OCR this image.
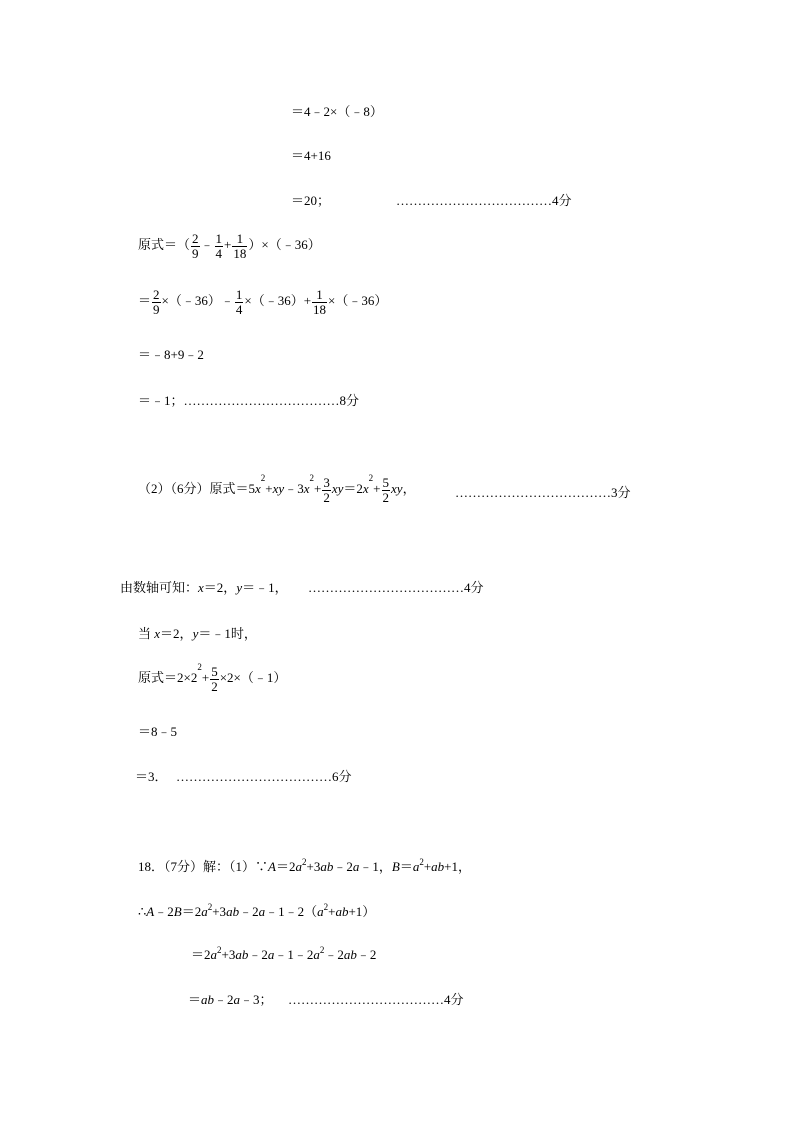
＝4﹣2×（﹣8）
＝4+16
＝20；	………………………………4分
原式＝（ $\frac{2}{9}$ ﹣ $\frac{1}{4} + \frac{1}{18}$ ）×（﹣36）
＝ $\frac{2}{9}$ ×（﹣36）﹣ $\frac{1}{4}$ ×（﹣36）+ $\frac{1}{18}$ ×（﹣36）
＝﹣8+9﹣2
＝﹣1；………………………………8分
（2）（6分）原式$=5x^2+xy﹣3x^2+ \frac{3}{2} xy=2x^2+ \frac{5}{2}$ xy，	………………………………3分
由数轴可知：x＝2，y＝﹣1， ………………………………4分
当 x＝2，y＝﹣1时，
原式$=2\times 2^2+ \frac{5}{2}$ ×2×（﹣1）
＝8﹣5
＝3． ………………………………6分
18．（7分）解：$(1)\because A=2a^2+3ab﹣2a﹣1$，$B=a^2+ab+1$，
$\therefore A﹣2B=2a^2+3ab﹣2a﹣1﹣2(a^2+ab+1)$
$=2a^2+3ab﹣2a﹣1﹣2a^2﹣2ab﹣2$
＝ab﹣2a﹣3； ………………………………4分
